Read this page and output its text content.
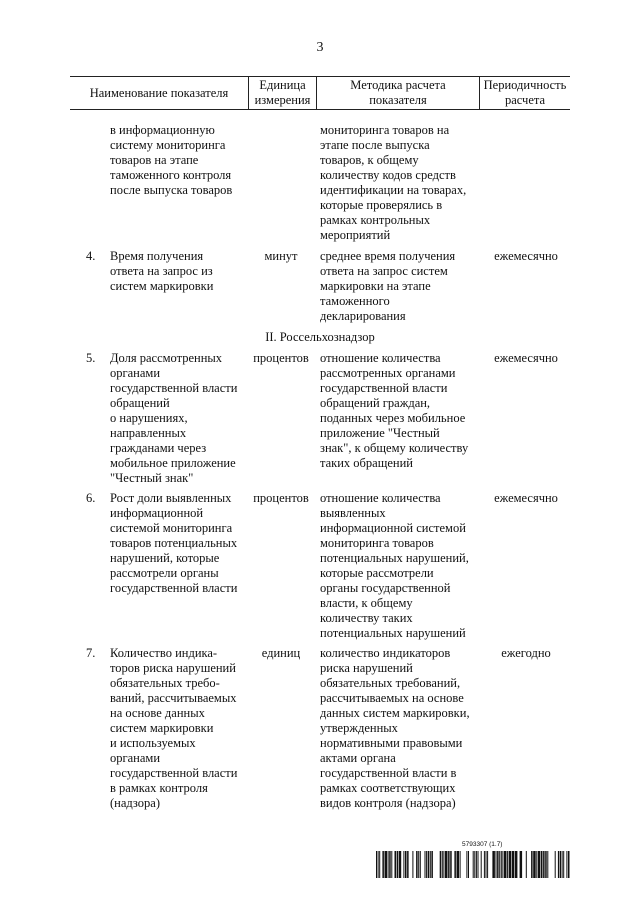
3
Наименование показателя
Единица
измерения
Методика расчета
показателя
Периодичность
расчета
в информационную
систему мониторинга
товаров на этапе
таможенного контроля
после выпуска товаров
мониторинга товаров на
этапе после выпуска
товаров, к общему
количеству кодов средств
идентификации на товарах,
которые проверялись в
рамках контрольных
мероприятий
4. Время получения
ответа на запрос из
систем маркировки
минут	среднее время получения
ответа на запрос систем
маркировки на этапе
таможенного
декларирования
ежемесячно
II. Россельхознадзор
5. Доля рассмотренных
органами
государственной власти
обращений
о нарушениях,
направленных
гражданами через
мобильное приложение
"Честный знак"
процентов отношение количества
рассмотренных органами
государственной власти
обращений граждан,
поданных через мобильное
приложение "Честный
знак", к общему количеству
таких обращений
ежемесячно
6. Рост доли выявленных
информационной
системой мониторинга
товаров потенциальных
нарушений, которые
рассмотрели органы
государственной власти
процентов отношение количества
выявленных
информационной системой
мониторинга товаров
потенциальных нарушений,
которые рассмотрели
органы государственной
власти, к общему
количеству таких
потенциальных нарушений
ежемесячно
7. Количество индика-
торов риска нарушений
обязательных требо-
ваний, рассчитываемых
на основе данных
систем маркировки
и используемых
органами
государственной власти
в рамках контроля
(надзора)
единиц	количество индикаторов
риска нарушений
обязательных требований,
рассчитываемых на основе
данных систем маркировки,
утвержденных
нормативными правовыми
актами органа
государственной власти в
рамках соответствующих
видов контроля (надзора)
ежегодно
5793307 (1.7)
